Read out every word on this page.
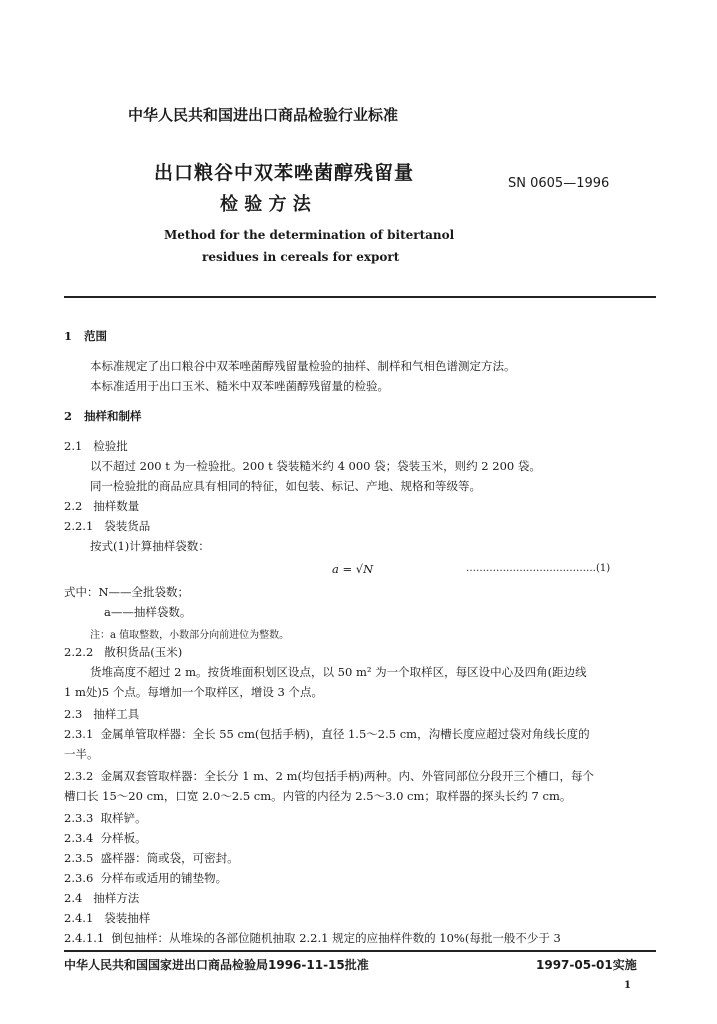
中华人民共和国进出口商品检验行业标准
出口粮谷中双苯唑菌醇残留量
检 验 方 法
SN 0605—1996
Method for the determination of bitertanol
residues in cereals for export
1 范围
本标准规定了出口粮谷中双苯唑菌醇残留量检验的抽样、制样和气相色谱测定方法。
本标准适用于出口玉米、糙米中双苯唑菌醇残留量的检验。
2 抽样和制样
2.1 检验批
以不超过 200 t 为一检验批。200 t 袋装糙米约 4 000 袋；袋装玉米，则约 2 200 袋。
同一检验批的商品应具有相同的特征，如包装、标记、产地、规格和等级等。
2.2 抽样数量
2.2.1 袋装货品
按式(1)计算抽样袋数：
a = √N	…………………………………(1)
式中：N——全批袋数；
a——抽样袋数。
注：a 值取整数，小数部分向前进位为整数。
2.2.2 散积货品(玉米)
货堆高度不超过 2 m。按货堆面积划区设点，以 50 m² 为一个取样区，每区设中心及四角(距边线
1 m处)5 个点。每增加一个取样区，增设 3 个点。
2.3 抽样工具
2.3.1 金属单管取样器：全长 55 cm(包括手柄)，直径 1.5～2.5 cm，沟槽长度应超过袋对角线长度的
一半。
2.3.2 金属双套管取样器：全长分 1 m、2 m(均包括手柄)两种。内、外管同部位分段开三个槽口，每个
槽口长 15～20 cm，口宽 2.0～2.5 cm。内管的内径为 2.5～3.0 cm；取样器的探头长约 7 cm。
2.3.3 取样铲。
2.3.4 分样板。
2.3.5 盛样器：筒或袋，可密封。
2.3.6 分样布或适用的铺垫物。
2.4 抽样方法
2.4.1 袋装抽样
2.4.1.1 倒包抽样：从堆垛的各部位随机抽取 2.2.1 规定的应抽样件数的 10%(每批一般不少于 3
中华人民共和国国家进出口商品检验局1996-11-15批准	1997-05-01实施
1
